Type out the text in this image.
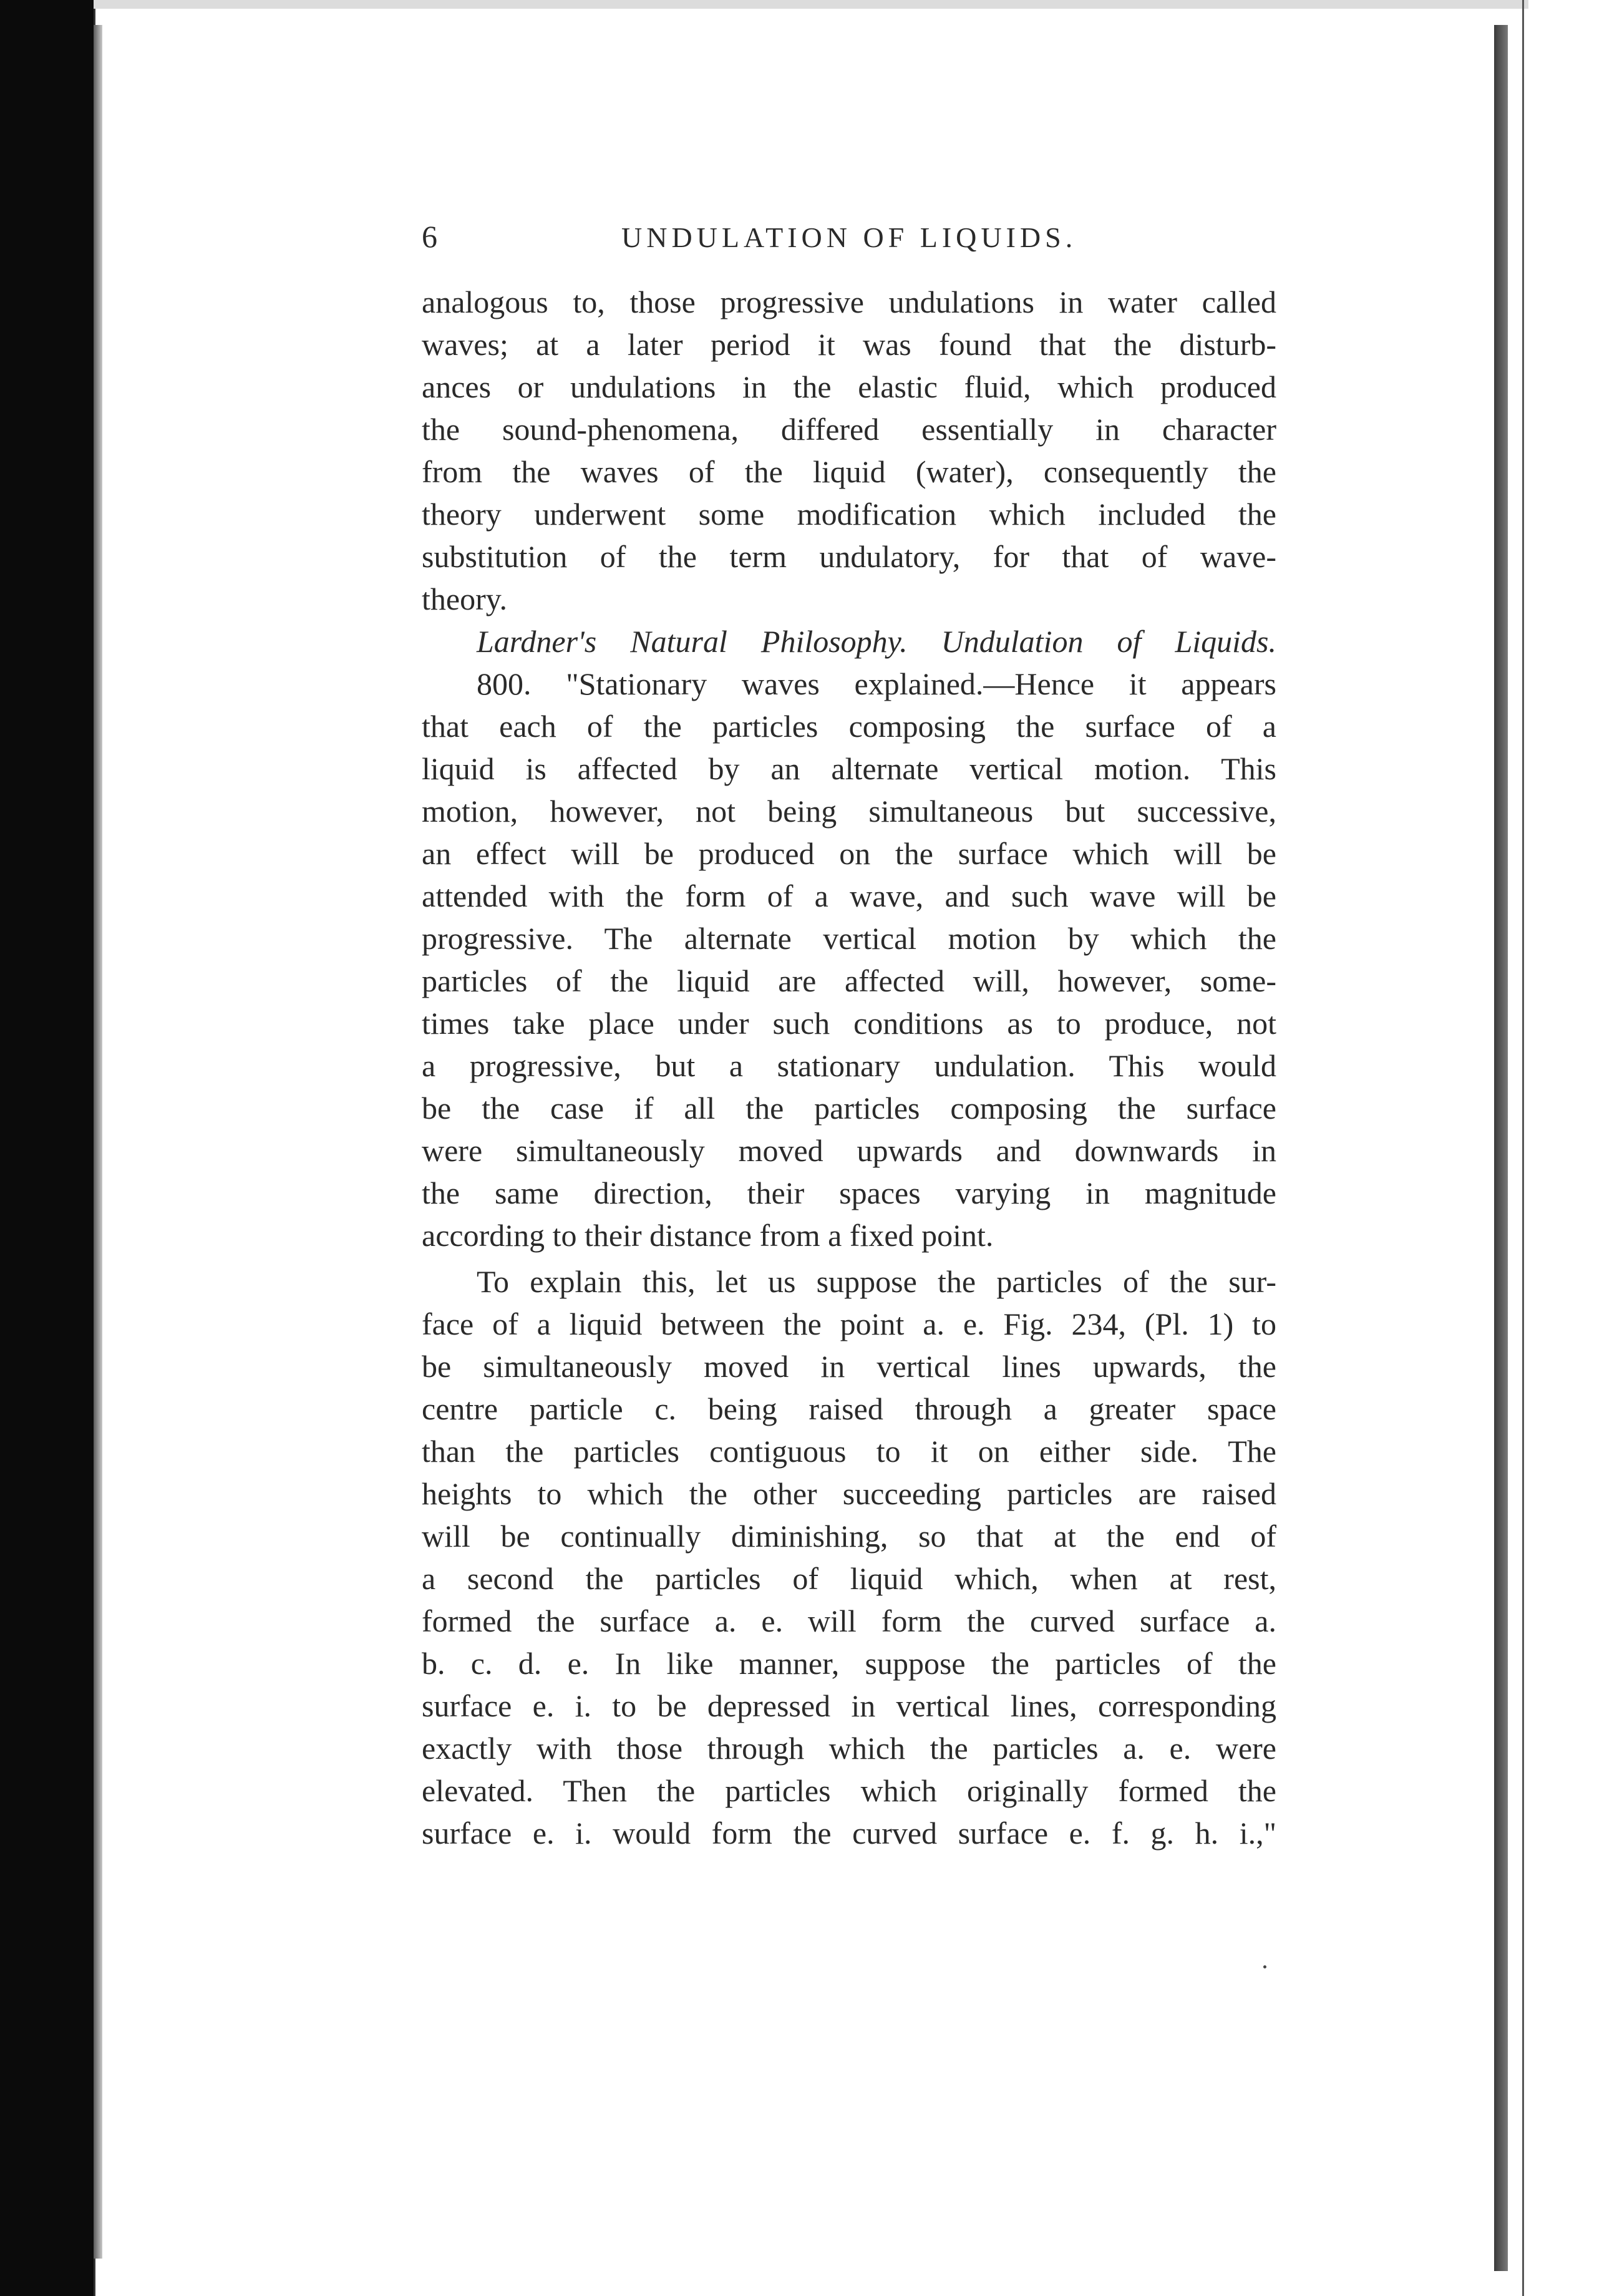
6	UNDULATION OF LIQUIDS.
analogous to, those progressive undulations in water called
waves; at a later period it was found that the disturb-
ances or undulations in the elastic fluid, which produced
the sound-phenomena, differed essentially in character
from the waves of the liquid (water), consequently the
theory underwent some modification which included the
substitution of the term undulatory, for that of wave-
theory.
Lardner's Natural Philosophy. Undulation of Liquids.
800. "Stationary waves explained.—Hence it appears
that each of the particles composing the surface of a
liquid is affected by an alternate vertical motion. This
motion, however, not being simultaneous but successive,
an effect will be produced on the surface which will be
attended with the form of a wave, and such wave will be
progressive. The alternate vertical motion by which the
particles of the liquid are affected will, however, some-
times take place under such conditions as to produce, not
a progressive, but a stationary undulation. This would
be the case if all the particles composing the surface
were simultaneously moved upwards and downwards in
the same direction, their spaces varying in magnitude
according to their distance from a fixed point.
To explain this, let us suppose the particles of the sur-
face of a liquid between the point a. e. Fig. 234, (Pl. 1) to
be simultaneously moved in vertical lines upwards, the
centre particle c. being raised through a greater space
than the particles contiguous to it on either side. The
heights to which the other succeeding particles are raised
will be continually diminishing, so that at the end of
a second the particles of liquid which, when at rest,
formed the surface a. e. will form the curved surface a.
b. c. d. e. In like manner, suppose the particles of the
surface e. i. to be depressed in vertical lines, corresponding
exactly with those through which the particles a. e. were
elevated. Then the particles which originally formed the
surface e. i. would form the curved surface e. f. g. h. i.,"
